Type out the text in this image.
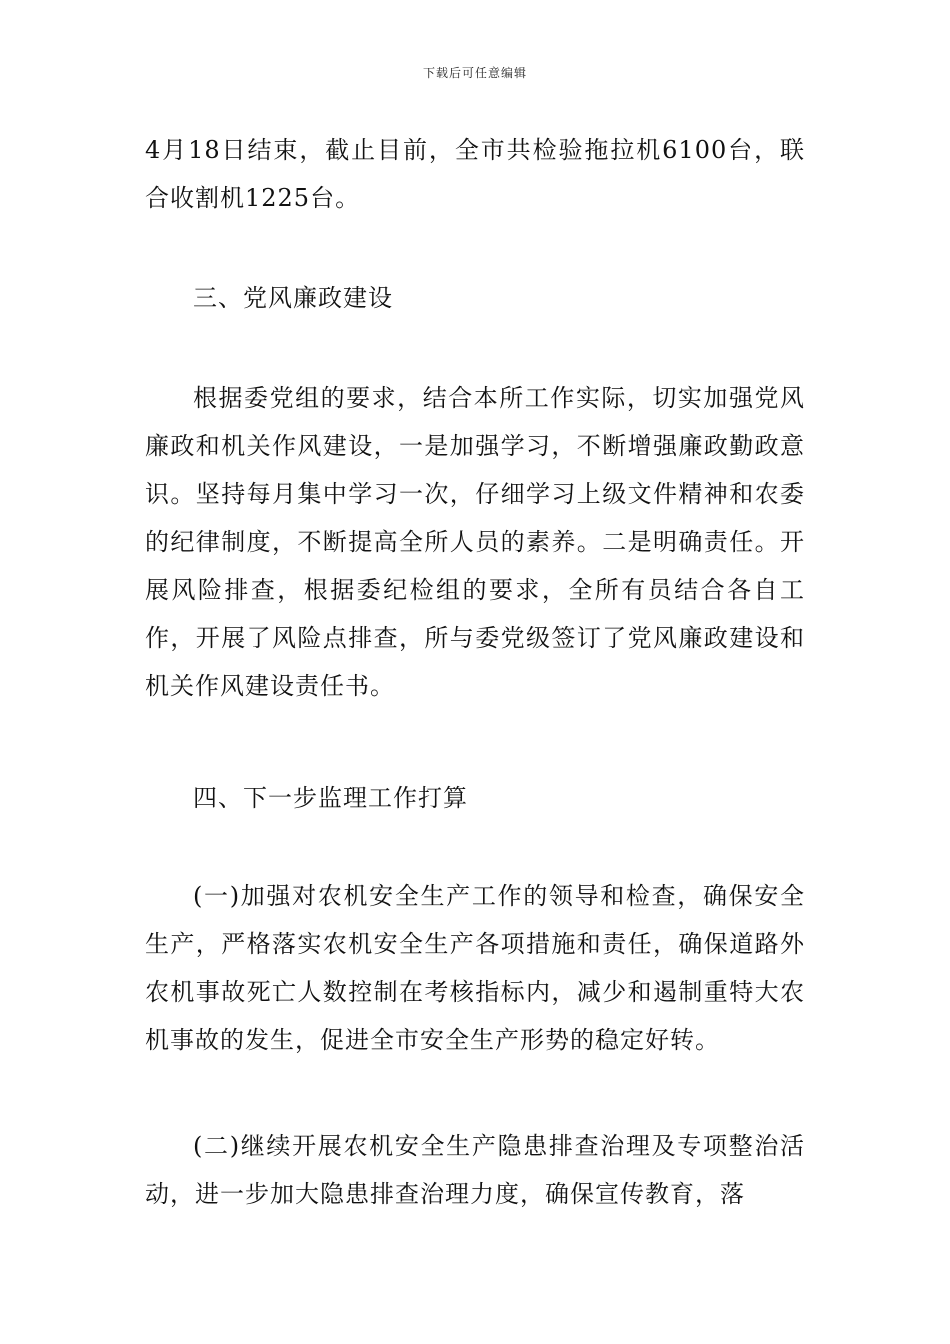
下载后可任意编辑

4月18日结束，截止目前，全市共检验拖拉机6100台，联合收割机1225台。

三、党风廉政建设

根据委党组的要求，结合本所工作实际，切实加强党风廉政和机关作风建设，一是加强学习，不断增强廉政勤政意识。坚持每月集中学习一次，仔细学习上级文件精神和农委的纪律制度，不断提高全所人员的素养。二是明确责任。开展风险排查，根据委纪检组的要求，全所有员结合各自工作，开展了风险点排查，所与委党级签订了党风廉政建设和机关作风建设责任书。

四、下一步监理工作打算

(一)加强对农机安全生产工作的领导和检查，确保安全生产，严格落实农机安全生产各项措施和责任，确保道路外农机事故死亡人数控制在考核指标内，减少和遏制重特大农机事故的发生，促进全市安全生产形势的稳定好转。

(二)继续开展农机安全生产隐患排查治理及专项整治活动，进一步加大隐患排查治理力度，确保宣传教育，落
